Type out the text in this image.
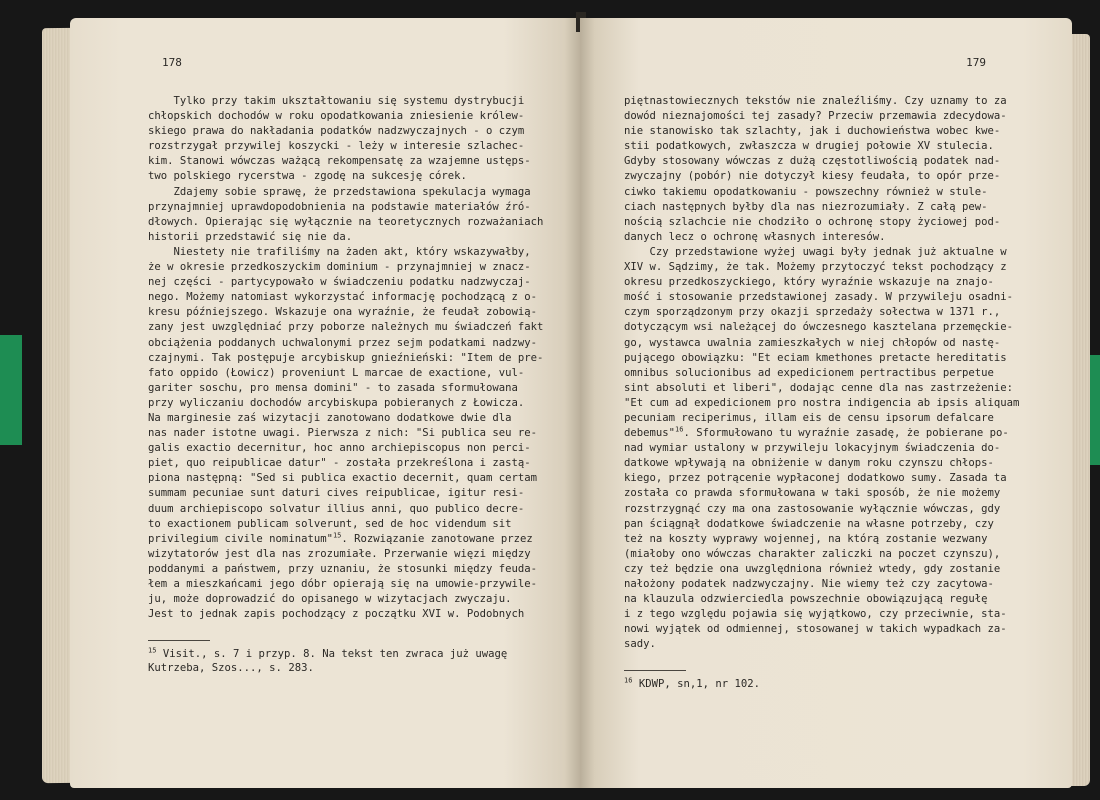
178
Tylko przy takim ukształtowaniu się systemu dystrybucji
chłopskich dochodów w roku opodatkowania zniesienie królew-
skiego prawa do nakładania podatków nadzwyczajnych - o czym
rozstrzygał przywilej koszycki - leży w interesie szlachec-
kim. Stanowi wówczas ważącą rekompensatę za wzajemne ustęps-
two polskiego rycerstwa - zgodę na sukcesję córek.
Zdajemy sobie sprawę, że przedstawiona spekulacja wymaga
przynajmniej uprawdopodobnienia na podstawie materiałów źró-
dłowych. Opierając się wyłącznie na teoretycznych rozważaniach
historii przedstawić się nie da.
Niestety nie trafiliśmy na żaden akt, który wskazywałby,
że w okresie przedkoszyckim dominium - przynajmniej w znacz-
nej części - partycypowało w świadczeniu podatku nadzwyczaj-
nego. Możemy natomiast wykorzystać informację pochodzącą z o-
kresu późniejszego. Wskazuje ona wyraźnie, że feudał zobowią-
zany jest uwzględniać przy poborze należnych mu świadczeń fakt
obciążenia poddanych uchwalonymi przez sejm podatkami nadzwy-
czajnymi. Tak postępuje arcybiskup gnieźnieński: "Item de pre-
fato oppido (Łowicz) proveniunt L marcae de exactione, vul-
gariter soschu, pro mensa domini" - to zasada sformułowana
przy wyliczaniu dochodów arcybiskupa pobieranych z Łowicza.
Na marginesie zaś wizytacji zanotowano dodatkowe dwie dla
nas nader istotne uwagi. Pierwsza z nich: "Si publica seu re-
galis exactio decernitur, hoc anno archiepiscopus non perci-
piet, quo reipublicae datur" - została przekreślona i zastą-
piona następną: "Sed si publica exactio decernit, quam certam
summam pecuniae sunt daturi cives reipublicae, igitur resi-
duum archiepiscopo solvatur illius anni, quo publico decre-
to exactionem publicam solverunt, sed de hoc videndum sit
privilegium civile nominatum"$^{15}$. Rozwiązanie zanotowane przez
wizytatorów jest dla nas zrozumiałe. Przerwanie więzi między
poddanymi a państwem, przy uznaniu, że stosunki między feuda-
łem a mieszkańcami jego dóbr opierają się na umowie-przywile-
ju, może doprowadzić do opisanego w wizytacjach zwyczaju.
Jest to jednak zapis pochodzący z początku XVI w. Podobnych
$^{15}$ Visit., s. 7 i przyp. 8. Na tekst ten zwraca już uwagę
Kutrzeba, Szos..., s. 283.
179
piętnastowiecznych tekstów nie znaleźliśmy. Czy uznamy to za
dowód nieznajomości tej zasady? Przeciw przemawia zdecydowa-
nie stanowisko tak szlachty, jak i duchowieństwa wobec kwe-
stii podatkowych, zwłaszcza w drugiej połowie XV stulecia.
Gdyby stosowany wówczas z dużą częstotliwością podatek nad-
zwyczajny (pobór) nie dotyczył kiesy feudała, to opór prze-
ciwko takiemu opodatkowaniu - powszechny również w stule-
ciach następnych byłby dla nas niezrozumiały. Z całą pew-
nością szlachcie nie chodziło o ochronę stopy życiowej pod-
danych lecz o ochronę własnych interesów.
Czy przedstawione wyżej uwagi były jednak już aktualne w
XIV w. Sądzimy, że tak. Możemy przytoczyć tekst pochodzący z
okresu przedkoszyckiego, który wyraźnie wskazuje na znajo-
mość i stosowanie przedstawionej zasady. W przywileju osadni-
czym sporządzonym przy okazji sprzedaży sołectwa w 1371 r.,
dotyczącym wsi należącej do ówczesnego kasztelana przemęckie-
go, wystawca uwalnia zamieszkałych w niej chłopów od nastę-
pującego obowiązku: "Et eciam kmethones pretacte hereditatis
omnibus solucionibus ad expedicionem pertractibus perpetue
sint absoluti et liberi", dodając cenne dla nas zastrzeżenie:
"Et cum ad expedicionem pro nostra indigencia ab ipsis aliquam
pecuniam reciperimus, illam eis de censu ipsorum defalcare
debemus"$^{16}$. Sformułowano tu wyraźnie zasadę, że pobierane po-
nad wymiar ustalony w przywileju lokacyjnym świadczenia do-
datkowe wpływają na obniżenie w danym roku czynszu chłops-
kiego, przez potrącenie wypłaconej dodatkowo sumy. Zasada ta
została co prawda sformułowana w taki sposób, że nie możemy
rozstrzygnąć czy ma ona zastosowanie wyłącznie wówczas, gdy
pan ściągnął dodatkowe świadczenie na własne potrzeby, czy
też na koszty wyprawy wojennej, na którą zostanie wezwany
(miałoby ono wówczas charakter zaliczki na poczet czynszu),
czy też będzie ona uwzględniona również wtedy, gdy zostanie
nałożony podatek nadzwyczajny. Nie wiemy też czy zacytowa-
na klauzula odzwierciedla powszechnie obowiązującą regułę
i z tego względu pojawia się wyjątkowo, czy przeciwnie, sta-
nowi wyjątek od odmiennej, stosowanej w takich wypadkach za-
sady.
$^{16}$ KDWP, sn,1, nr 102.
